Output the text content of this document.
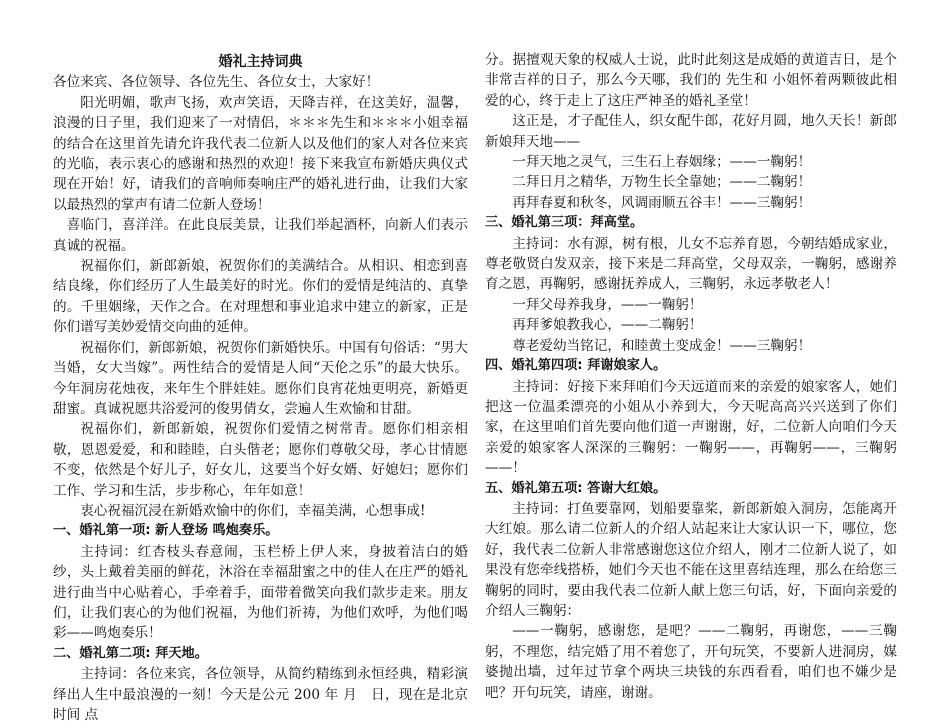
婚礼主持词典

各位来宾、各位领导、各位先生、各位女士，大家好！

阳光明媚，歌声飞扬，欢声笑语，天降吉祥，在这美好，温馨，浪漫的日子里，我们迎来了一对情侣，＊＊＊先生和＊＊＊小姐幸福的结合在这里首先请允许我代表二位新人以及他们的家人对各位来宾的光临，表示衷心的感谢和热烈的欢迎！接下来我宣布新婚庆典仪式现在开始！好，请我们的音响师奏响庄严的婚礼进行曲，让我们大家以最热烈的掌声有请二位新人登场！

喜临门，喜洋洋。在此良辰美景，让我们举起酒杯，向新人们表示真诚的祝福。

祝福你们，新郎新娘，祝贺你们的美满结合。从相识、相恋到喜结良缘，你们经历了人生最美好的时光。你们的爱情是纯洁的、真挚的。千里姻缘，天作之合。在对理想和事业追求中建立的新家，正是你们谱写美妙爱情交向曲的延伸。

祝福你们，新郎新娘，祝贺你们新婚快乐。中国有句俗话：“男大当婚，女大当嫁”。两性结合的爱情是人间“天伦之乐”的最大快乐。今年洞房花烛夜，来年生个胖娃娃。愿你们良宵花烛更明亮，新婚更甜蜜。真诚祝愿共浴爱河的俊男倩女，尝遍人生欢愉和甘甜。

祝福你们，新郎新娘，祝贺你们爱情之树常青。愿你们相亲相敬，恩恩爱爱，和和睦睦，白头偕老；愿你们尊敬父母，孝心甘情愿不变，依然是个好儿子，好女儿，这要当个好女婿、好媳妇；愿你们工作、学习和生活，步步称心，年年如意！

衷心祝福沉浸在新婚欢愉中的你们，幸福美满，心想事成!

一、婚礼第一项: 新人登场 鸣炮奏乐。

主持词：红杏枝头春意闹，玉栏桥上伊人来，身披着洁白的婚纱，头上戴着美丽的鲜花，沐浴在幸福甜蜜之中的佳人在庄严的婚礼进行曲当中心贴着心，手牵着手，面带着微笑向我们款步走来。朋友们，让我们衷心的为他们祝福，为他们祈祷，为他们欢呼，为他们喝彩——鸣炮奏乐！

二、婚礼第二项: 拜天地。

主持词：各位来宾，各位领导，从简约精练到永恒经典，精彩演绎出人生中最浪漫的一刻！今天是公元 200 年 月　日，现在是北京时间 点

分。据擅观天象的权威人士说，此时此刻这是成婚的黄道吉日，是个非常吉祥的日子，那么今天哪，我们的 先生和 小姐怀着两颗彼此相爱的心，终于走上了这庄严神圣的婚礼圣堂！

这正是，才子配佳人，织女配牛郎，花好月圆，地久天长！新郎新娘拜天地——

一拜天地之灵气，三生石上春姻缘；——一鞠躬！

二拜日月之精华，万物生长全靠她；——二鞠躬！

再拜春夏和秋冬，风调雨顺五谷丰！——三鞠躬！

三、婚礼第三项：拜高堂。

主持词：水有源，树有根，儿女不忘养育恩，今朝结婚成家业，尊老敬贤白发双亲，接下来是二拜高堂，父母双亲，一鞠躬，感谢养育之恩，再鞠躬，感谢抚养成人，三鞠躬，永远孝敬老人！

一拜父母养我身，——一鞠躬！

再拜爹娘教我心，——二鞠躬！

尊老爱幼当铭记，和睦黄土变成金！——三鞠躬！

四、婚礼第四项: 拜谢娘家人。

主持词：好接下来拜咱们今天远道而来的亲爱的娘家客人，她们把这一位温柔漂亮的小姐从小养到大，今天呢高高兴兴送到了你们家，在这里咱们首先要向他们道一声谢谢，好，二位新人向咱们今天亲爱的娘家客人深深的三鞠躬：一鞠躬——，再鞠躬——，三鞠躬——！

五、婚礼第五项: 答谢大红娘。

主持词：打鱼要靠网，划船要靠桨，新郎新娘入洞房，怎能离开大红娘。那么请二位新人的介绍人站起来让大家认识一下，哪位，您好，我代表二位新人非常感谢您这位介绍人，刚才二位新人说了，如果没有您牵线搭桥，她们今天也不能在这里喜结连理，那么在给您三鞠躬的同时，要由我代表二位新人献上您三句话，好，下面向亲爱的介绍人三鞠躬：

——一鞠躬，感谢您，是吧？——二鞠躬，再谢您，——三鞠躬，不理您，结完婚了用不着您了，开句玩笑，不要新人进洞房，媒婆抛出墙，过年过节拿个两块三块钱的东西看看，咱们也不嫌少是吧？开句玩笑，请座，谢谢。
